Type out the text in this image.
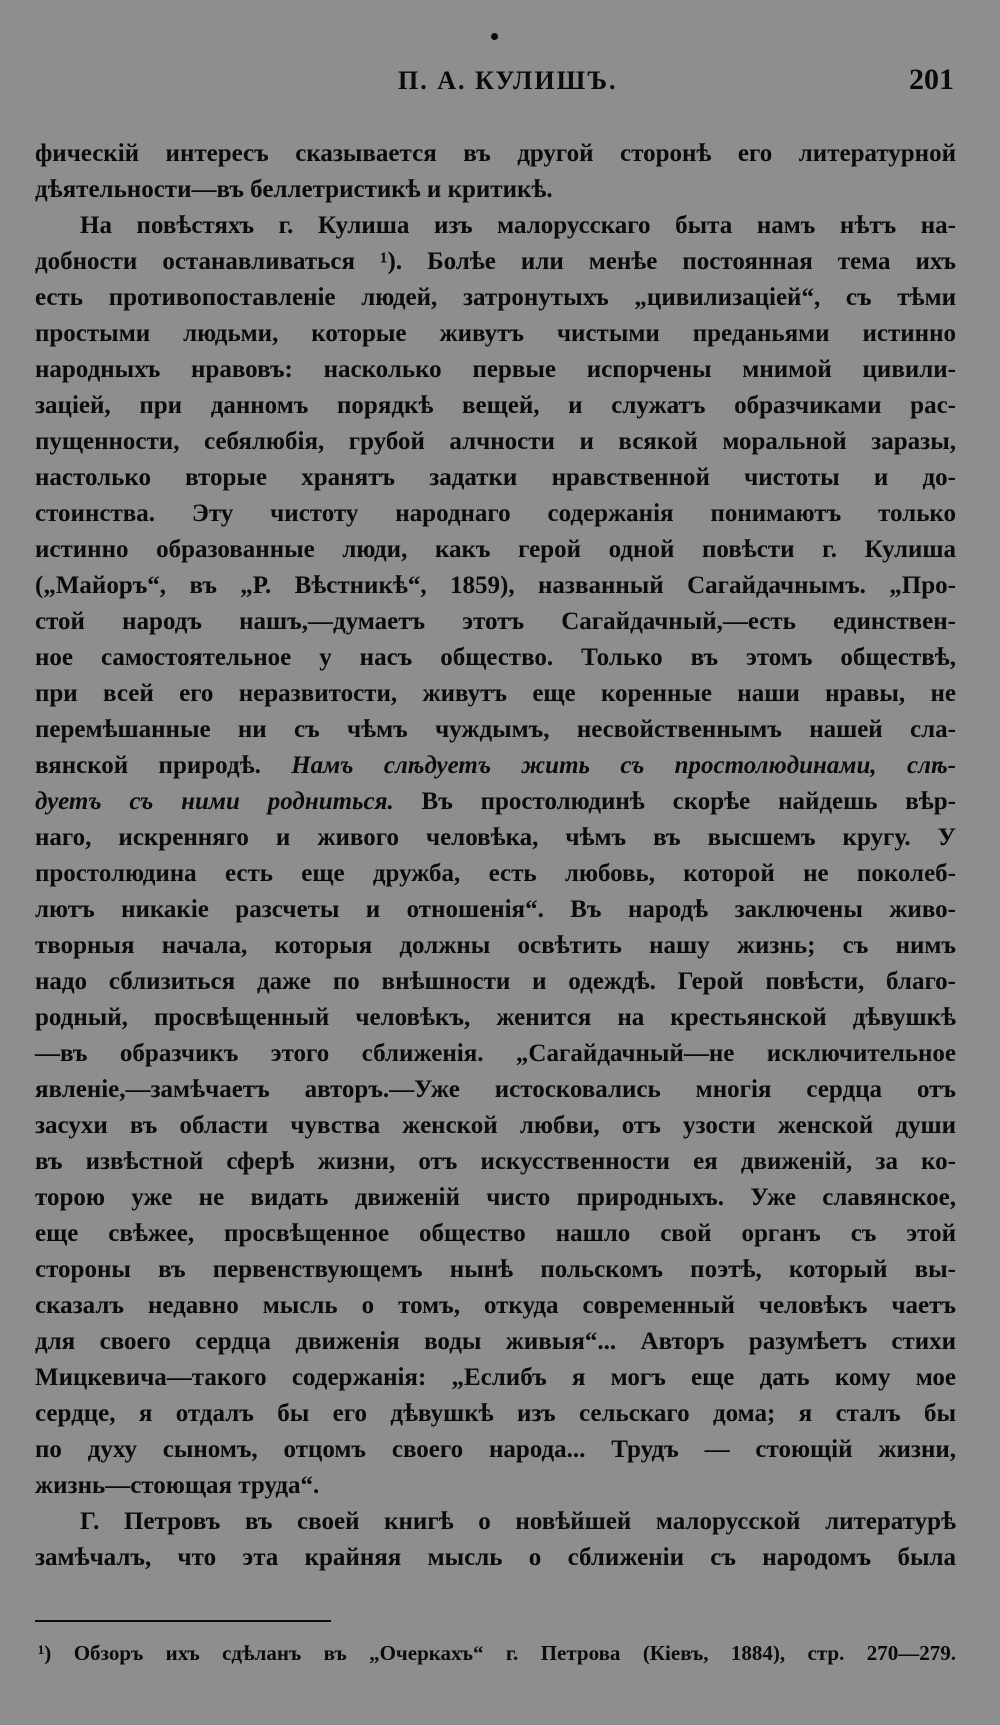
П. А. КУЛИШЪ.	201
фическій интересъ сказывается въ другой сторонѣ его литературной
дѣятельности—въ беллетристикѣ и критикѣ.
На повѣстяхъ г. Кулиша изъ малорусскаго быта намъ нѣтъ на-
добности останавливаться ¹). Болѣе или менѣе постоянная тема ихъ
есть противопоставленіе людей, затронутыхъ „цивилизаціей“, съ тѣми
простыми людьми, которые живутъ чистыми преданьями истинно
народныхъ нравовъ: насколько первые испорчены мнимой цивили-
заціей, при данномъ порядкѣ вещей, и служатъ образчиками рас-
пущенности, себялюбія, грубой алчности и всякой моральной заразы,
настолько вторые хранятъ задатки нравственной чистоты и до-
стоинства. Эту чистоту народнаго содержанія понимаютъ только
истинно образованные люди, какъ герой одной повѣсти г. Кулиша
(„Майоръ“, въ „Р. Вѣстникѣ“, 1859), названный Сагайдачнымъ. „Про-
стой народъ нашъ,—думаетъ этотъ Сагайдачный,—есть единствен-
ное самостоятельное у насъ общество. Только въ этомъ обществѣ,
при всей его неразвитости, живутъ еще коренные наши нравы, не
перемѣшанные ни съ чѣмъ чуждымъ, несвойственнымъ нашей сла-
вянской природѣ. Намъ слѣдуетъ жить съ простолюдинами, слѣ-
дуетъ съ ними родниться. Въ простолюдинѣ скорѣе найдешь вѣр-
наго, искренняго и живого человѣка, чѣмъ въ высшемъ кругу. У
простолюдина есть еще дружба, есть любовь, которой не поколеб-
лютъ никакіе разсчеты и отношенія“. Въ народѣ заключены живо-
творныя начала, которыя должны освѣтить нашу жизнь; съ нимъ
надо сблизиться даже по внѣшности и одеждѣ. Герой повѣсти, благо-
родный, просвѣщенный человѣкъ, женится на крестьянской дѣвушкѣ
—въ образчикъ этого сближенія. „Сагайдачный—не исключительное
явленіе,—замѣчаетъ авторъ.—Уже истосковались многія сердца отъ
засухи въ области чувства женской любви, отъ узости женской души
въ извѣстной сферѣ жизни, отъ искусственности ея движеній, за ко-
торою уже не видать движеній чисто природныхъ. Уже славянское,
еще свѣжее, просвѣщенное общество нашло свой органъ съ этой
стороны въ первенствующемъ нынѣ польскомъ поэтѣ, который вы-
сказалъ недавно мысль о томъ, откуда современный человѣкъ чаетъ
для своего сердца движенія воды живыя“... Авторъ разумѣетъ стихи
Мицкевича—такого содержанія: „Еслибъ я могъ еще дать кому мое
сердце, я отдалъ бы его дѣвушкѣ изъ сельскаго дома; я сталъ бы
по духу сыномъ, отцомъ своего народа... Трудъ — стоющій жизни,
жизнь—стоющая труда“.
Г. Петровъ въ своей книгѣ о новѣйшей малорусской литературѣ
замѣчалъ, что эта крайняя мысль о сближеніи съ народомъ была
¹) Обзоръ ихъ сдѣланъ въ „Очеркахъ“ г. Петрова (Кіевъ, 1884), стр. 270—279.
